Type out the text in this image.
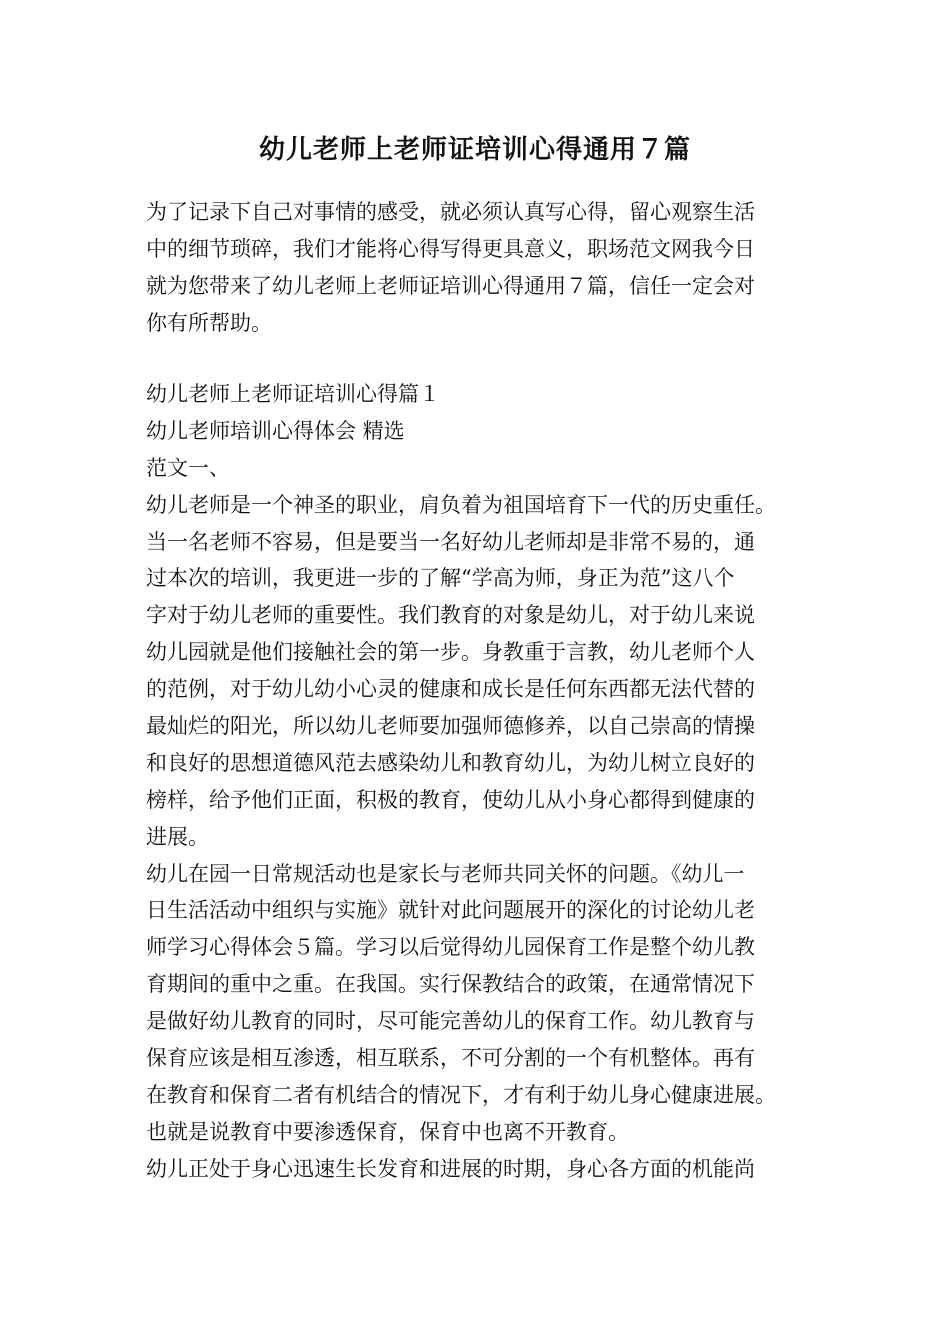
幼儿老师上老师证培训心得通用７篇
为了记录下自己对事情的感受，就必须认真写心得，留心观察生活
中的细节琐碎，我们才能将心得写得更具意义，职场范文网我今日
就为您带来了幼儿老师上老师证培训心得通用７篇，信任一定会对
你有所帮助。
幼儿老师上老师证培训心得篇１
幼儿老师培训心得体会 精选
范文一、
幼儿老师是一个神圣的职业，肩负着为祖国培育下一代的历史重任。
当一名老师不容易，但是要当一名好幼儿老师却是非常不易的，通
过本次的培训，我更进一步的了解“学高为师，身正为范”这八个
字对于幼儿老师的重要性。我们教育的对象是幼儿，对于幼儿来说
幼儿园就是他们接触社会的第一步。身教重于言教，幼儿老师个人
的范例，对于幼儿幼小心灵的健康和成长是任何东西都无法代替的
最灿烂的阳光，所以幼儿老师要加强师德修养，以自己崇高的情操
和良好的思想道德风范去感染幼儿和教育幼儿，为幼儿树立良好的
榜样，给予他们正面，积极的教育，使幼儿从小身心都得到健康的
进展。
幼儿在园一日常规活动也是家长与老师共同关怀的问题。《幼儿一
日生活活动中组织与实施》就针对此问题展开的深化的讨论幼儿老
师学习心得体会５篇。学习以后觉得幼儿园保育工作是整个幼儿教
育期间的重中之重。在我国。实行保教结合的政策，在通常情况下
是做好幼儿教育的同时，尽可能完善幼儿的保育工作。幼儿教育与
保育应该是相互渗透，相互联系，不可分割的一个有机整体。再有
在教育和保育二者有机结合的情况下，才有利于幼儿身心健康进展。
也就是说教育中要渗透保育，保育中也离不开教育。
幼儿正处于身心迅速生长发育和进展的时期，身心各方面的机能尚
